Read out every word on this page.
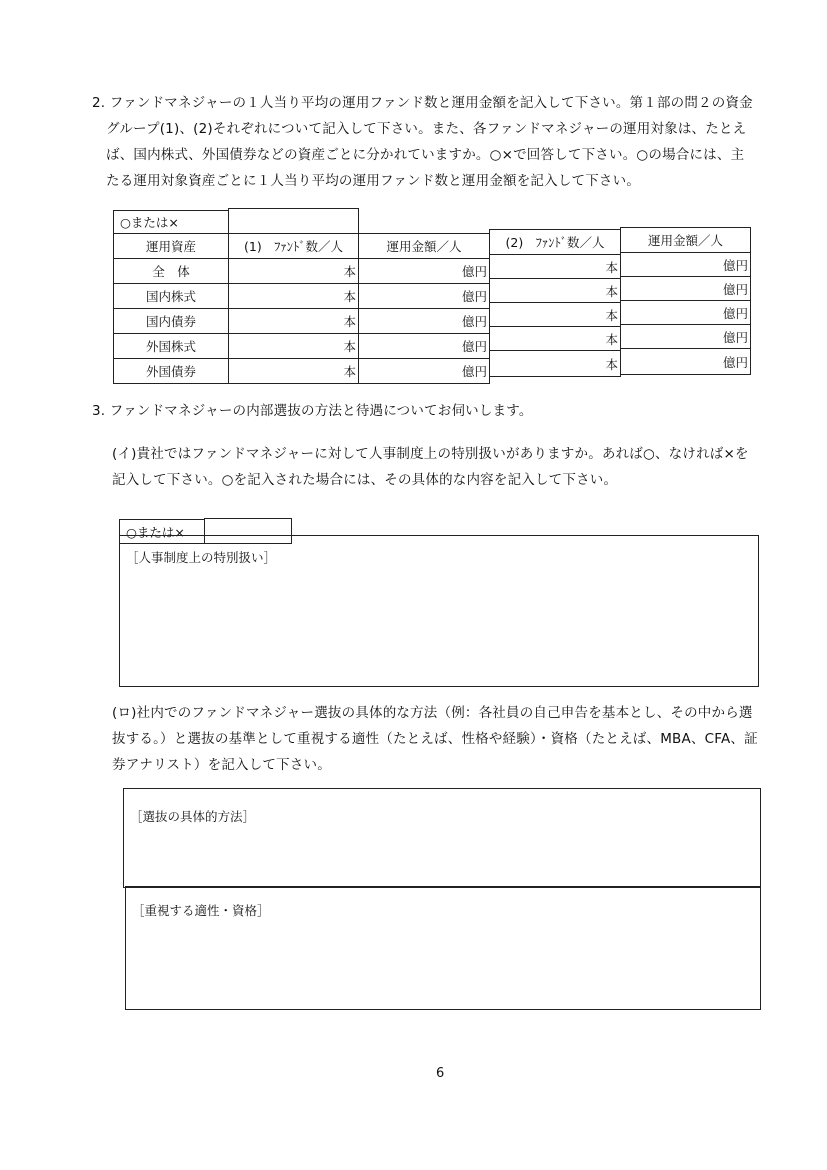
2. ファンドマネジャーの１人当り平均の運用ファンド数と運用金額を記入して下さい。第１部の問２の資金
グループ(1)、(2)それぞれについて記入して下さい。また、各ファンドマネジャーの運用対象は、たとえ
ば、国内株式、外国債券などの資産ごとに分かれていますか。○×で回答して下さい。○の場合には、主
たる運用対象資産ごとに１人当り平均の運用ファンド数と運用金額を記入して下さい。
○または×
運用資産	(1)　ﾌｧﾝﾄﾞ数／人	運用金額／人	(2)　ﾌｧﾝﾄﾞ数／人	運用金額／人
全　体	本	億円	本	億円
国内株式	本	億円	本	億円
国内債券	本	億円	本	億円
外国株式	本	億円	本	億円
外国債券	本	億円	本	億円
3. ファンドマネジャーの内部選抜の方法と待遇についてお伺いします。
(イ)貴社ではファンドマネジャーに対して人事制度上の特別扱いがありますか。あれば○、なければ×を
記入して下さい。○を記入された場合には、その具体的な内容を記入して下さい。
○または×
［人事制度上の特別扱い］
(ロ)社内でのファンドマネジャー選抜の具体的な方法（例：各社員の自己申告を基本とし、その中から選
抜する。）と選抜の基準として重視する適性（たとえば、性格や経験）・資格（たとえば、MBA、CFA、証
券アナリスト）を記入して下さい。
［選抜の具体的方法］
［重視する適性・資格］
6
